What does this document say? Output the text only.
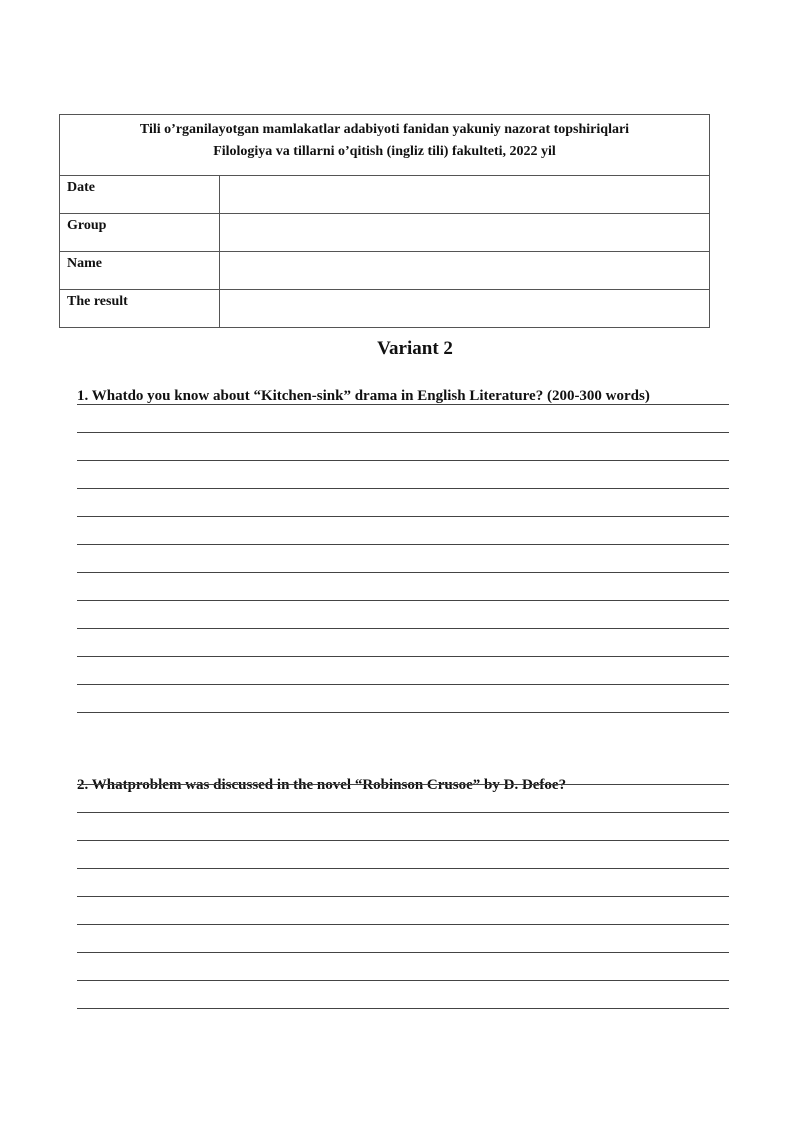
Tili o’rganilayotgan mamlakatlar adabiyoti fanidan yakuniy nazorat topshiriqlari
Filologiya va tillarni o’qitish (ingliz tili) fakulteti, 2022 yil	

Date	
Group	
Name	
The result	
Variant 2
1. Whatdo you know about “Kitchen-sink” drama in English Literature? (200-300 words)
2. Whatproblem was discussed in the novel “Robinson Crusoe” by D. Defoe?
